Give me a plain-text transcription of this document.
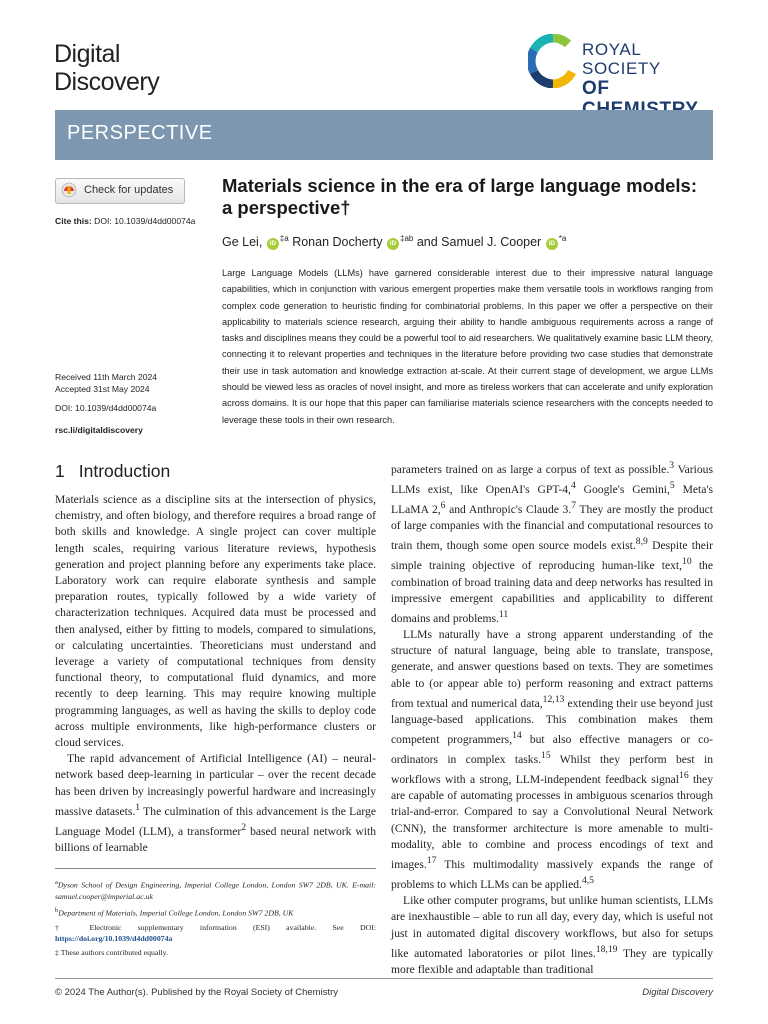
Digital
Discovery
ROYAL SOCIETY
OF
PERSPECTIVE
Check for updates
Cite this: DOI: 10.1039/d4dd00074a
Received 11th March 2024
Accepted 31st May 2024
DOI: 10.1039/d4dd00074a
rsc.li/digitaldiscovery
Materials science in the era of large language models: a perspective†
Ge Lei, $iD^{\ddagger a}$ Ronan Docherty $iD^{\ddagger ab}$ and Samuel J. Cooper $iD^{*a}$
Large Language Models (LLMs) have garnered considerable interest due to their impressive natural language capabilities, which in conjunction with various emergent properties make them versatile tools in workflows ranging from complex code generation to heuristic finding for combinatorial problems. In this paper we offer a perspective on their applicability to materials science research, arguing their ability to handle ambiguous requirements across a range of tasks and disciplines means they could be a powerful tool to aid researchers. We qualitatively examine basic LLM theory, connecting it to relevant properties and techniques in the literature before providing two case studies that demonstrate their use in task automation and knowledge extraction at-scale. At their current stage of development, we argue LLMs should be viewed less as oracles of novel insight, and more as tireless workers that can accelerate and unify exploration across domains. It is our hope that this paper can familiarise materials science researchers with the concepts needed to leverage these tools in their own research.
1 Introduction

Materials science as a discipline sits at the intersection of physics, chemistry, and often biology, and therefore requires a broad range of both skills and knowledge. A single project can cover multiple length scales, requiring various literature reviews, hypothesis generation and project planning before any experiments take place. Laboratory work can require elaborate synthesis and sample preparation routes, typically followed by a wide variety of characterization techniques. Acquired data must be processed and then analysed, either by fitting to models, compared to simulations, or calculating uncertainties. Theoreticians must understand and leverage a variety of computational techniques from density functional theory, to computational fluid dynamics, and more recently to deep learning. This may require knowing multiple programming languages, as well as having the skills to deploy code across multiple environments, like high-performance clusters or cloud services.

The rapid advancement of Artificial Intelligence (AI) – neural-network based deep-learning in particular – over the recent decade has been driven by increasingly powerful hardware and increasingly massive datasets.$^1$ The culmination of this advancement is the Large Language Model (LLM), a transformer$^2$ based neural network with billions of learnable

parameters trained on as large a corpus of text as possible.$^3$ Various LLMs exist, like OpenAI's GPT-4,$^4$ Google's Gemini,$^5$ Meta's LLaMA 2,$^6$ and Anthropic's Claude 3.$^7$ They are mostly the product of large companies with the financial and computational resources to train them, though some open source models exist.$^{8,9}$ Despite their simple training objective of reproducing human-like text,$^{10}$ the combination of broad training data and deep networks has resulted in impressive emergent capabilities and applicability to different domains and problems.$^{11}$

LLMs naturally have a strong apparent understanding of the structure of natural language, being able to translate, transpose, generate, and answer questions based on texts. They are sometimes able to (or appear able to) perform reasoning and extract patterns from textual and numerical data,$^{12,13}$ extending their use beyond just language-based applications. This combination makes them competent programmers,$^{14}$ but also effective managers or co-ordinators in complex tasks.$^{15}$ Whilst they perform best in workflows with a strong, LLM-independent feedback signal$^{16}$ they are capable of automating processes in ambiguous scenarios through trial-and-error. Compared to say a Convolutional Neural Network (CNN), the transformer architecture is more amenable to multi-modality, able to combine and process encodings of text and images.$^{17}$ This multimodality massively expands the range of problems to which LLMs can be applied.$^{4,5}$

Like other computer programs, but unlike human scientists, LLMs are inexhaustible – able to run all day, every day, which is useful not just in automated digital discovery workflows, but also for setups like automated laboratories or pilot lines.$^{18,19}$ They are typically more flexible and adaptable than traditional

$^a$Dyson School of Design Engineering, Imperial College London, London SW7 2DB, UK. E-mail: samuel.cooper@imperial.ac.uk

$^b$Department of Materials, Imperial College London, London SW7 2DB, UK

† Electronic supplementary information (ESI) available. See DOI: https://doi.org/10.1039/d4dd00074a

‡ These authors contributed equally.

© 2024 The Author(s). Published by the Royal Society of Chemistry	Digital Discovery
